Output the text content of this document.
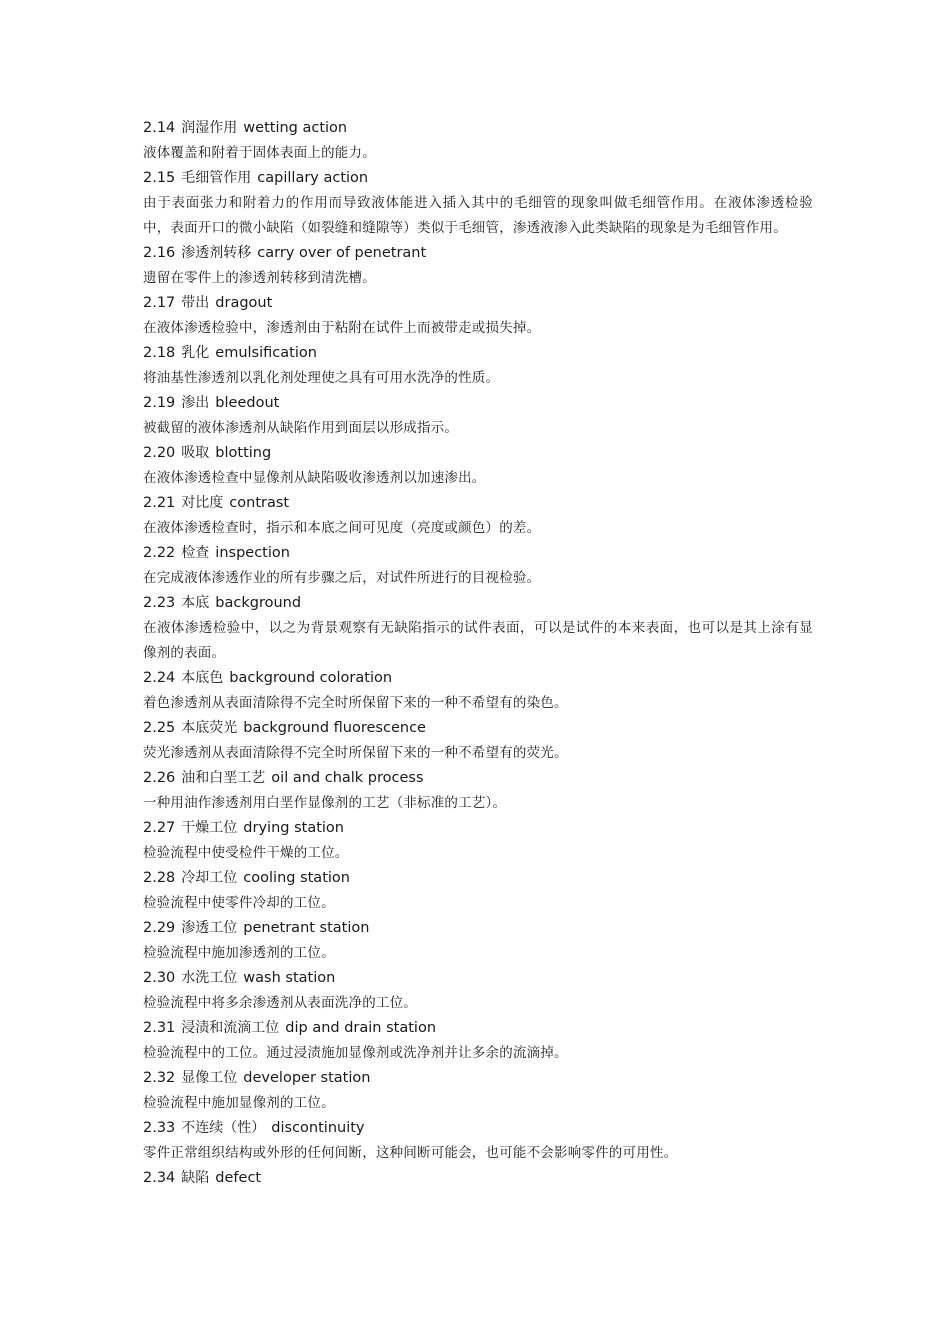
2.14 润湿作用 wetting action
液体覆盖和附着于固体表面上的能力。
2.15 毛细管作用 capillary action
由于表面张力和附着力的作用而导致液体能进入插入其中的毛细管的现象叫做毛细管作用。在液体渗透检验中，表面开口的微小缺陷（如裂缝和缝隙等）类似于毛细管，渗透液渗入此类缺陷的现象是为毛细管作用。
2.16 渗透剂转移 carry over of penetrant
遗留在零件上的渗透剂转移到清洗槽。
2.17 带出 dragout
在液体渗透检验中，渗透剂由于粘附在试件上而被带走或损失掉。
2.18 乳化 emulsification
将油基性渗透剂以乳化剂处理使之具有可用水洗净的性质。
2.19 渗出 bleedout
被截留的液体渗透剂从缺陷作用到面层以形成指示。
2.20 吸取 blotting
在液体渗透检查中显像剂从缺陷吸收渗透剂以加速渗出。
2.21 对比度 contrast
在液体渗透检查时，指示和本底之间可见度（亮度或颜色）的差。
2.22 检查 inspection
在完成液体渗透作业的所有步骤之后，对试件所进行的目视检验。
2.23 本底 background
在液体渗透检验中，以之为背景观察有无缺陷指示的试件表面，可以是试件的本来表面，也可以是其上涂有显像剂的表面。
2.24 本底色 background coloration
着色渗透剂从表面清除得不完全时所保留下来的一种不希望有的染色。
2.25 本底荧光 background fluorescence
荧光渗透剂从表面清除得不完全时所保留下来的一种不希望有的荧光。
2.26 油和白垩工艺 oil and chalk process
一种用油作渗透剂用白垩作显像剂的工艺（非标准的工艺）。
2.27 干燥工位 drying station
检验流程中使受检件干燥的工位。
2.28 冷却工位 cooling station
检验流程中使零件冷却的工位。
2.29 渗透工位 penetrant station
检验流程中施加渗透剂的工位。
2.30 水洗工位 wash station
检验流程中将多余渗透剂从表面洗净的工位。
2.31 浸渍和流滴工位 dip and drain station
检验流程中的工位。通过浸渍施加显像剂或洗净剂并让多余的流滴掉。
2.32 显像工位 developer station
检验流程中施加显像剂的工位。
2.33 不连续（性） discontinuity
零件正常组织结构或外形的任何间断，这种间断可能会，也可能不会影响零件的可用性。
2.34 缺陷 defect
